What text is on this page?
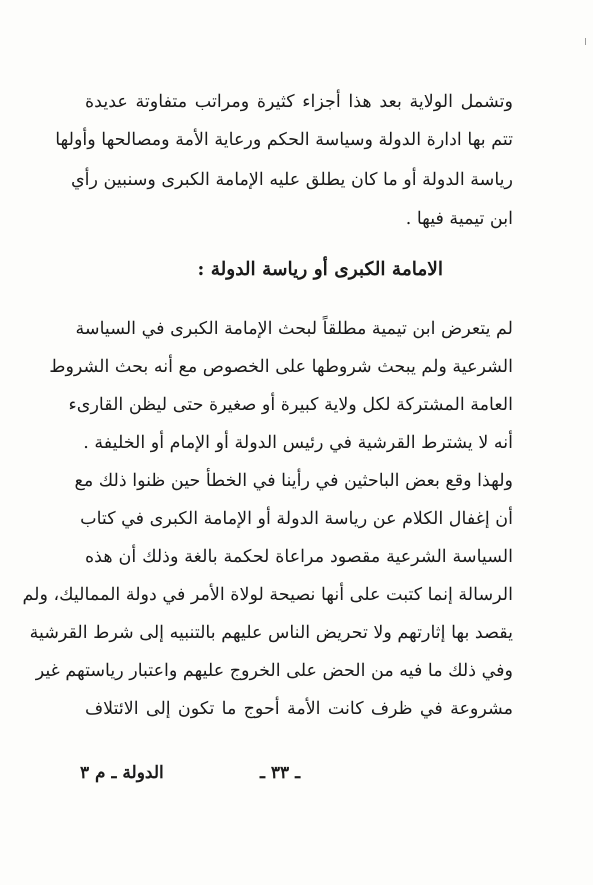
وتشمل الولاية بعد هذا أجزاء كثيرة ومراتب متفاوتة عديدة
تتم بها ادارة الدولة وسياسة الحكم ورعاية الأمة ومصالحها وأولها
رياسة الدولة أو ما كان يطلق عليه الإمامة الكبرى وسنبين رأي
ابن تيمية فيها .
الامامة الكبرى أو رياسة الدولة :
لم يتعرض ابن تيمية مطلقاً لبحث الإمامة الكبرى في السياسة
الشرعية ولم يبحث شروطها على الخصوص مع أنه بحث الشروط
العامة المشتركة لكل ولاية كبيرة أو صغيرة حتى ليظن القارىء
أنه لا يشترط القرشية في رئيس الدولة أو الإمام أو الخليفة .
ولهذا وقع بعض الباحثين في رأينا في الخطأ حين ظنوا ذلك مع
أن إغفال الكلام عن رياسة الدولة أو الإمامة الكبرى في كتاب
السياسة الشرعية مقصود مراعاة لحكمة بالغة وذلك أن هذه
الرسالة إنما كتبت على أنها نصيحة لولاة الأمر في دولة المماليك، ولم
يقصد بها إثارتهم ولا تحريض الناس عليهم بالتنبيه إلى شرط القرشية
وفي ذلك ما فيه من الحض على الخروج عليهم واعتبار رياستهم غير
مشروعة في ظرف كانت الأمة أحوج ما تكون إلى الائتلاف
الدولة ـ م ٣	ـ ٣٣ ـ
